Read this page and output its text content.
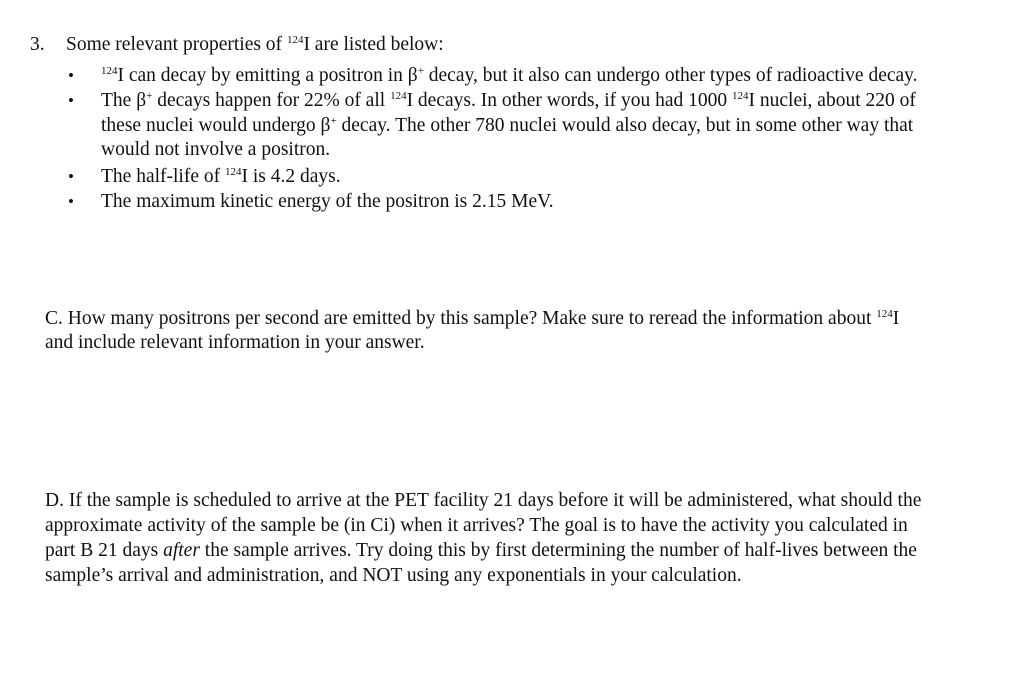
3. Some relevant properties of $^{124}$I are listed below:
• $^{124}$I can decay by emitting a positron in β+ decay, but it also can undergo other types of radioactive decay.
• The β+ decays happen for 22% of all $^{124}$I decays. In other words, if you had 1000 $^{124}$I nuclei, about 220 of
these nuclei would undergo β+ decay. The other 780 nuclei would also decay, but in some other way that
would not involve a positron.
• The half-life of $^{124}$I is 4.2 days.
• The maximum kinetic energy of the positron is 2.15 MeV.
C. How many positrons per second are emitted by this sample? Make sure to reread the information about $^{124}$I
and include relevant information in your answer.
D. If the sample is scheduled to arrive at the PET facility 21 days before it will be administered, what should the
approximate activity of the sample be (in Ci) when it arrives? The goal is to have the activity you calculated in
part B 21 days after the sample arrives. Try doing this by first determining the number of half-lives between the
sample’s arrival and administration, and NOT using any exponentials in your calculation.
